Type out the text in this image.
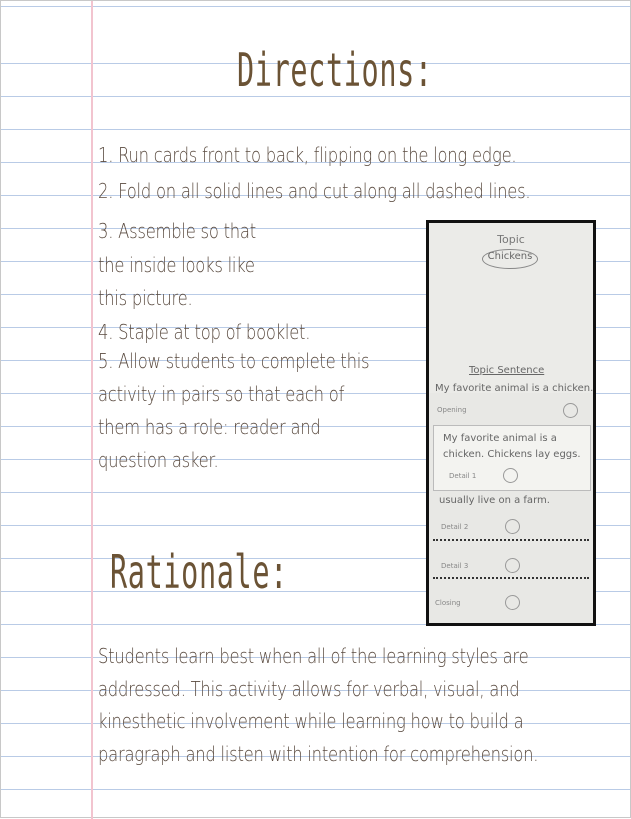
Directions:
1. Run cards front to back, flipping on the long edge.
2. Fold on all solid lines and cut along all dashed lines.
3. Assemble so that
the inside looks like
this picture.
4. Staple at top of booklet.
5. Allow students to complete this
activity in pairs so that each of
them has a role: reader and
question asker.
Topic
Chickens
Topic Sentence
My favorite animal is a chicken.
Opening
My favorite animal is a
chicken. Chickens lay eggs.
Detail 1
usually live on a farm.
Detail 2
Detail 3
Closing
Rationale:
Students learn best when all of the learning styles are
addressed. This activity allows for verbal, visual, and
kinesthetic involvement while learning how to build a
paragraph and listen with intention for comprehension.
